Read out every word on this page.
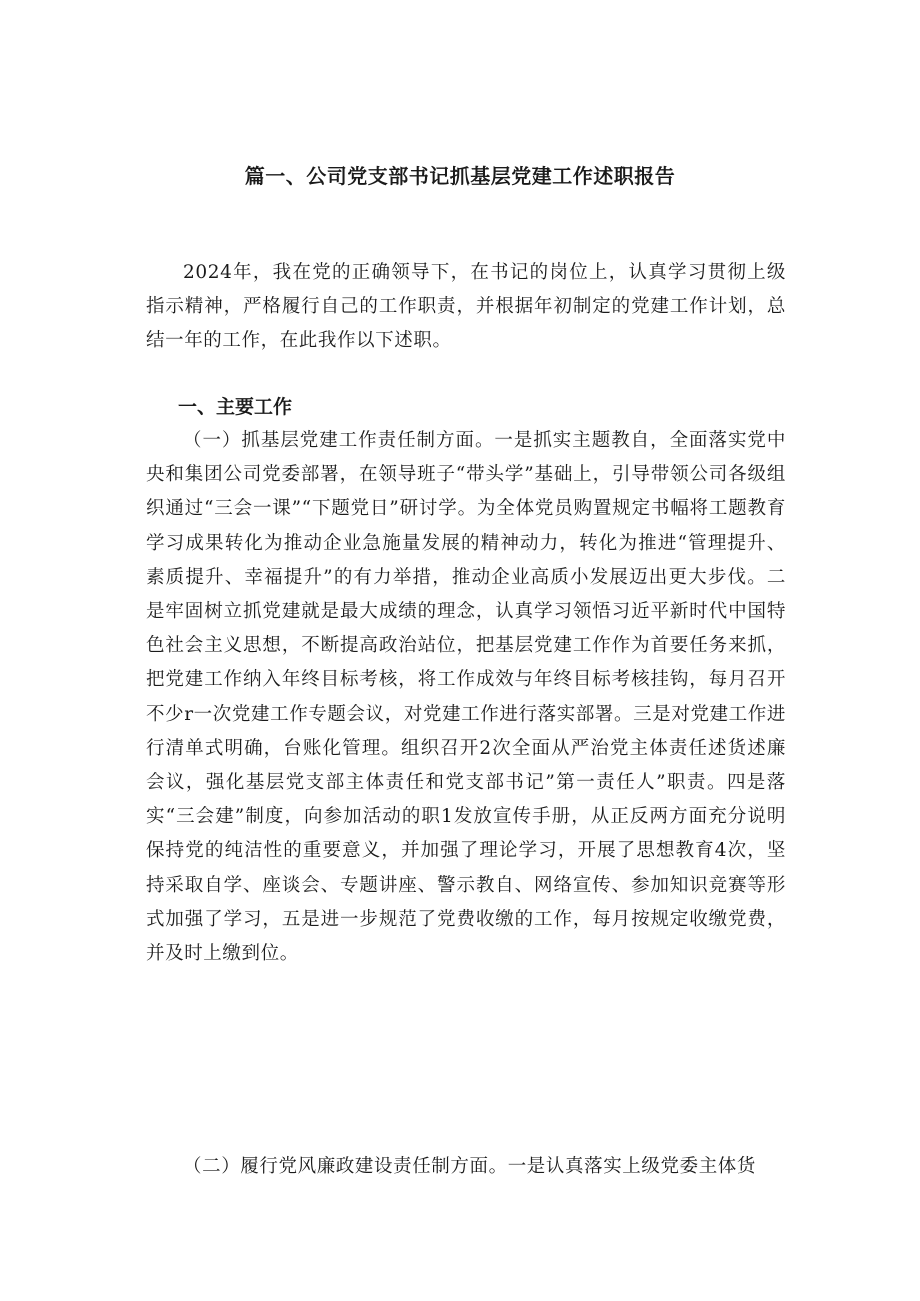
篇一、公司党支部书记抓基层党建工作述职报告

2024年，我在党的正确领导下，在书记的岗位上，认真学习贯彻上级指示精神，严格履行自己的工作职责，并根据年初制定的党建工作计划，总结一年的工作，在此我作以下述职。

一、主要工作

（一）抓基层党建工作责任制方面。一是抓实主题教自，全面落实党中央和集团公司党委部署，在领导班子“带头学”基础上，引导带领公司各级组织通过“三会一课”“下题党日”研讨学。为全体党员购置规定书幅将工题教育学习成果转化为推动企业急施量发展的精神动力，转化为推进“管理提升、素质提升、幸福提升”的有力举措，推动企业高质小发展迈出更大步伐。二是牢固树立抓党建就是最大成绩的理念，认真学习领悟习近平新时代中国特色社会主义思想，不断提高政治站位，把基层党建工作作为首要任务来抓，把党建工作纳入年终目标考核，将工作成效与年终目标考核挂钩，每月召开不少r一次党建工作专题会议，对党建工作进行落实部署。三是对党建工作进行清单式明确，台账化管理。组织召开2次全面从严治党主体责任述货述廉会议，强化基层党支部主体责任和党支部书记”第一责任人”职责。四是落实“三会建”制度，向参加活动的职1发放宣传手册，从正反两方面充分说明保持党的纯洁性的重要意义，并加强了理论学习，开展了思想教育4次，坚持采取自学、座谈会、专题讲座、警示教自、网络宣传、参加知识竞赛等形式加强了学习，五是进一步规范了党费收缴的工作，每月按规定收缴党费，并及时上缴到位。

（二）履行党风廉政建设责任制方面。一是认真落实上级党委主体货
